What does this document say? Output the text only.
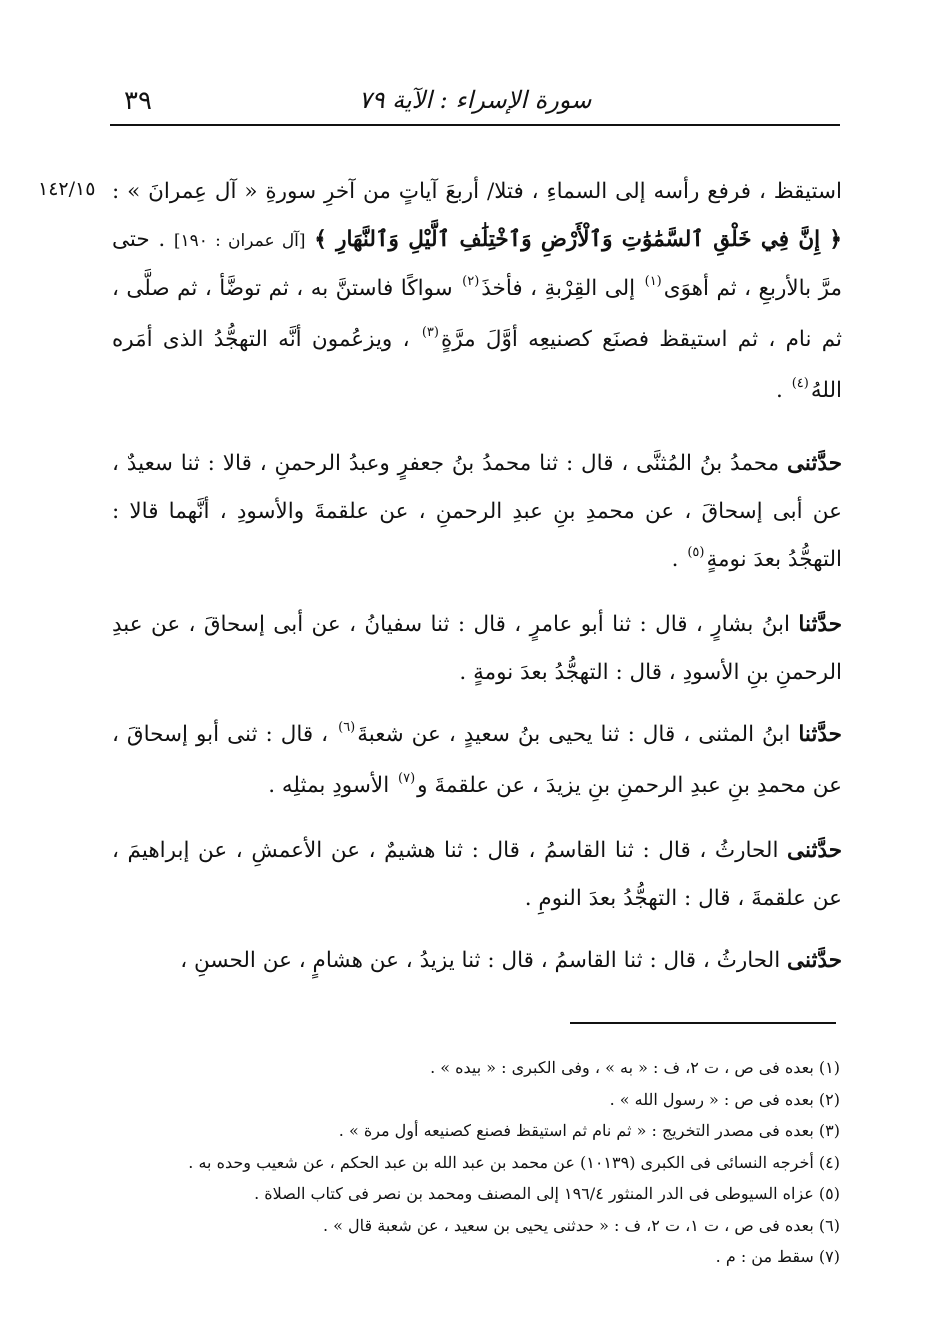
٣٩	سورة الإسراء : الآية ٧٩
١٤٢/١٥ استيقظ ، فرفع رأسه إلى السماءِ ، فتلا/ أربعَ آياتٍ من آخرِ سورةِ « آل عِمرانَ » : ﴿ إِنَّ فِي خَلْقِ ٱلسَّمَٰوَٰتِ وَٱلْأَرْضِ وَٱخْتِلَٰفِ ٱلَّيْلِ وَٱلنَّهَارِ ﴾ [آل عمران : ١٩٠] . حتى مرَّ بالأربعِ ، ثم أهوَى$^{(١)}$ إلى القِرْبةِ ، فأخذَ$^{(٢)}$ سواكًا فاستنَّ به ، ثم توضَّأ ، ثم صلَّى ، ثم نام ، ثم استيقظ فصنَع كصنيعِه أوَّلَ مرَّةٍ$^{(٣)}$ ، ويزعُمون أنَّه التهجُّدُ الذى أمَره اللهُ$^{(٤)}$ .

حدَّثنى محمدُ بنُ المُثنَّى ، قال : ثنا محمدُ بنُ جعفرٍ وعبدُ الرحمنِ ، قالا : ثنا سعيدٌ ، عن أبى إسحاقَ ، عن محمدِ بنِ عبدِ الرحمنِ ، عن علقمةَ والأسودِ ، أنَّهما قالا : التهجُّدُ بعدَ نومةٍ$^{(٥)}$ .

حدَّثنا ابنُ بشارٍ ، قال : ثنا أبو عامرٍ ، قال : ثنا سفيانُ ، عن أبى إسحاقَ ، عن عبدِ الرحمنِ بنِ الأسودِ ، قال : التهجُّدُ بعدَ نومةٍ .

حدَّثنا ابنُ المثنى ، قال : ثنا يحيى بنُ سعيدٍ ، عن شعبةَ$^{(٦)}$ ، قال : ثنى أبو إسحاقَ ، عن محمدِ بنِ عبدِ الرحمنِ بنِ يزيدَ ، عن علقمةَ و$^{(٧)}$ الأسودِ بمثلِه .

حدَّثنى الحارثُ ، قال : ثنا القاسمُ ، قال : ثنا هشيمٌ ، عن الأعمشِ ، عن إبراهيمَ ، عن علقمةَ ، قال : التهجُّدُ بعدَ النومِ .

حدَّثنى الحارثُ ، قال : ثنا القاسمُ ، قال : ثنا يزيدُ ، عن هشامٍ ، عن الحسنِ ،

(١) بعده فى ص ، ت ٢، ف : « به » ، وفى الكبرى : « بيده » .

(٢) بعده فى ص : « رسول الله » .

(٣) بعده فى مصدر التخريج : « ثم نام ثم استيقظ فصنع كصنيعه أول مرة » .

(٤) أخرجه النسائى فى الكبرى (١٠١٣٩) عن محمد بن عبد الله بن عبد الحكم ، عن شعيب وحده به .

(٥) عزاه السيوطى فى الدر المنثور ١٩٦/٤ إلى المصنف ومحمد بن نصر فى كتاب الصلاة .

(٦) بعده فى ص ، ت ١، ت ٢، ف : « حدثنى يحيى بن سعيد ، عن شعبة قال » .

(٧) سقط من : م .
